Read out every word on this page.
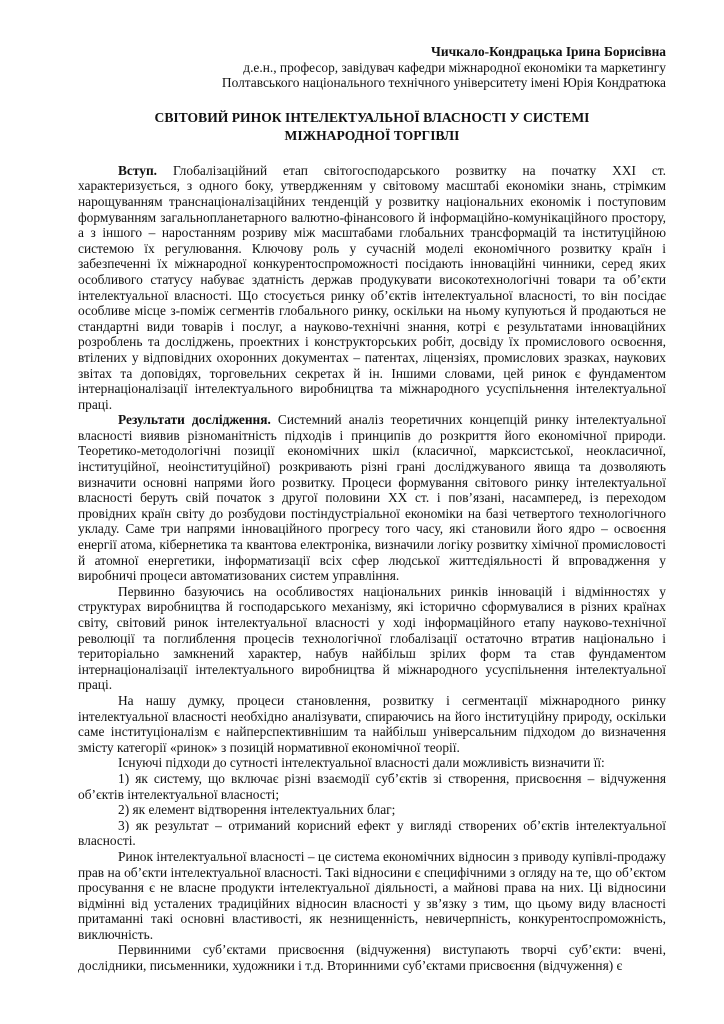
Чичкало-Кондрацька Ірина Борисівна
д.е.н., професор, завідувач кафедри міжнародної економіки та маркетингу
Полтавського національного технічного університету імені Юрія Кондратюка
СВІТОВИЙ РИНОК ІНТЕЛЕКТУАЛЬНОЇ ВЛАСНОСТІ У СИСТЕМІ
МІЖНАРОДНОЇ ТОРГІВЛІ

Вступ. Глобалізаційний етап світогосподарського розвитку на початку XXI ст. характеризується, з одного боку, утвердженням у світовому масштабі економіки знань, стрімким нарощуванням транснаціоналізаційних тенденцій у розвитку національних економік і поступовим формуванням загальнопланетарного валютно-фінансового й інформаційно-комунікаційного простору, а з іншого – наростанням розриву між масштабами глобальних трансформацій та інституційною системою їх регулювання. Ключову роль у сучасній моделі економічного розвитку країн і забезпеченні їх міжнародної конкурентоспроможності посідають інноваційні чинники, серед яких особливого статусу набуває здатність держав продукувати високотехнологічні товари та об’єкти інтелектуальної власності. Що стосується ринку об’єктів інтелектуальної власності, то він посідає особливе місце з-поміж сегментів глобального ринку, оскільки на ньому купуються й продаються не стандартні види товарів і послуг, а науково-технічні знання, котрі є результатами інноваційних розроблень та досліджень, проектних і конструкторських робіт, досвіду їх промислового освоєння, втілених у відповідних охоронних документах – патентах, ліцензіях, промислових зразках, наукових звітах та доповідях, торговельних секретах й ін. Іншими словами, цей ринок є фундаментом інтернаціоналізації інтелектуального виробництва та міжнародного усуспільнення інтелектуальної праці.

Результати дослідження. Системний аналіз теоретичних концепцій ринку інтелектуальної власності виявив різноманітність підходів і принципів до розкриття його економічної природи. Теоретико-методологічні позиції економічних шкіл (класичної, марксистської, неокласичної, інституційної, неоінституційної) розкривають різні грані досліджуваного явища та дозволяють визначити основні напрями його розвитку. Процеси формування світового ринку інтелектуальної власності беруть свій початок з другої половини XX ст. і пов’язані, насамперед, із переходом провідних країн світу до розбудови постіндустріальної економіки на базі четвертого технологічного укладу. Саме три напрями інноваційного прогресу того часу, які становили його ядро – освоєння енергії атома, кібернетика та квантова електроніка, визначили логіку розвитку хімічної промисловості й атомної енергетики, інформатизації всіх сфер людської життєдіяльності й впровадження у виробничі процеси автоматизованих систем управління.

Первинно базуючись на особливостях національних ринків інновацій і відмінностях у структурах виробництва й господарського механізму, які історично сформувалися в різних країнах світу, світовий ринок інтелектуальної власності у ході інформаційного етапу науково-технічної революції та поглиблення процесів технологічної глобалізації остаточно втратив національно і територіально замкнений характер, набув найбільш зрілих форм та став фундаментом інтернаціоналізації інтелектуального виробництва й міжнародного усуспільнення інтелектуальної праці.

На нашу думку, процеси становлення, розвитку і сегментації міжнародного ринку інтелектуальної власності необхідно аналізувати, спираючись на його інституційну природу, оскільки саме інституціоналізм є найперспективнішим та найбільш універсальним підходом до визначення змісту категорії «ринок» з позицій нормативної економічної теорії.

Існуючі підходи до сутності інтелектуальної власності дали можливість визначити її:

1) як систему, що включає різні взаємодії суб’єктів зі створення, присвоєння – відчуження об’єктів інтелектуальної власності;

2) як елемент відтворення інтелектуальних благ;

3) як результат – отриманий корисний ефект у вигляді створених об’єктів інтелектуальної власності.

Ринок інтелектуальної власності – це система економічних відносин з приводу купівлі-продажу прав на об’єкти інтелектуальної власності. Такі відносини є специфічними з огляду на те, що об’єктом просування є не власне продукти інтелектуальної діяльності, а майнові права на них. Ці відносини відмінні від усталених традиційних відносин власності у зв’язку з тим, що цьому виду власності притаманні такі основні властивості, як незнищенність, невичерпність, конкурентоспроможність, виключність.

Первинними суб’єктами присвоєння (відчуження) виступають творчі суб’єкти: вчені, дослідники, письменники, художники і т.д. Вторинними суб’єктами присвоєння (відчуження) є
